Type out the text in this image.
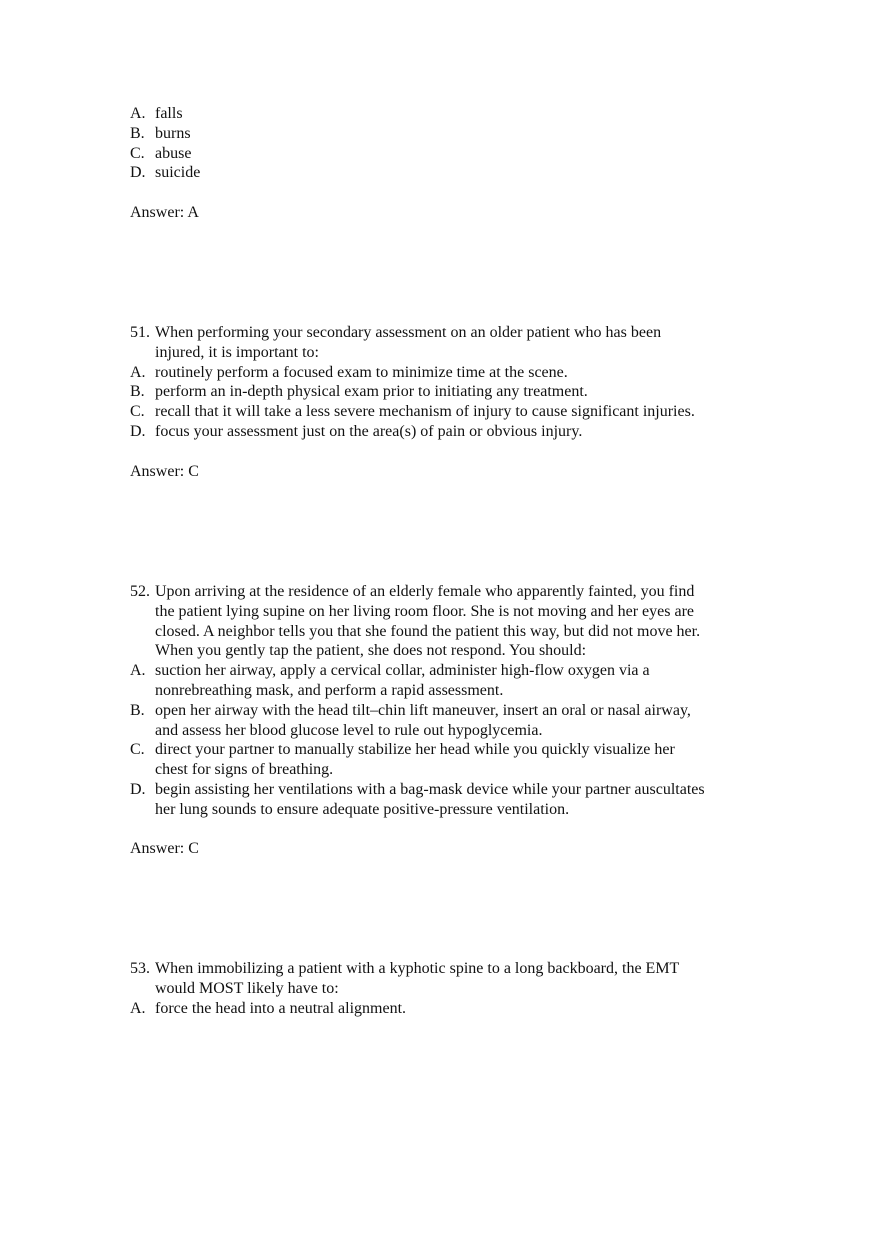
A. falls
B. burns
C. abuse
D. suicide
Answer: A
51. When performing your secondary assessment on an older patient who has been
injured, it is important to:
A. routinely perform a focused exam to minimize time at the scene.
B. perform an in-depth physical exam prior to initiating any treatment.
C. recall that it will take a less severe mechanism of injury to cause significant injuries.
D. focus your assessment just on the area(s) of pain or obvious injury.
Answer: C
52. Upon arriving at the residence of an elderly female who apparently fainted, you find
the patient lying supine on her living room floor. She is not moving and her eyes are
closed. A neighbor tells you that she found the patient this way, but did not move her.
When you gently tap the patient, she does not respond. You should:
A. suction her airway, apply a cervical collar, administer high-flow oxygen via a
nonrebreathing mask, and perform a rapid assessment.
B. open her airway with the head tilt–chin lift maneuver, insert an oral or nasal airway,
and assess her blood glucose level to rule out hypoglycemia.
C. direct your partner to manually stabilize her head while you quickly visualize her
chest for signs of breathing.
D. begin assisting her ventilations with a bag-mask device while your partner auscultates
her lung sounds to ensure adequate positive-pressure ventilation.
Answer: C
53. When immobilizing a patient with a kyphotic spine to a long backboard, the EMT
would MOST likely have to:
A. force the head into a neutral alignment.
